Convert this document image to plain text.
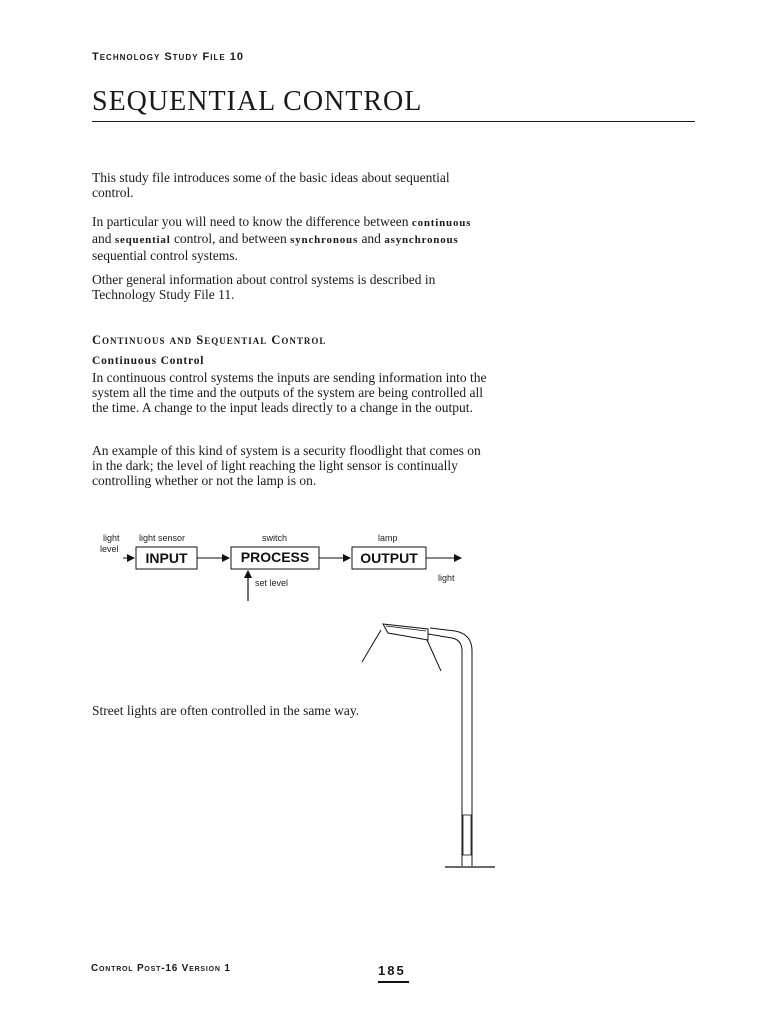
Technology Study File 10
SEQUENTIAL CONTROL

This study file introduces some of the basic ideas about sequential control.

In particular you will need to know the difference between continuous and sequential control, and between synchronous and asynchronous  sequential control systems.

Other general information about control systems is described in Technology Study File 11.

Continuous and Sequential Control
Continuous Control

In continuous control systems the inputs are sending information into the system all the time and the outputs of the system are being controlled all the time. A change to the input leads directly to a change in the output.

An example of this kind of system is a security floodlight that comes on in the dark; the level of light reaching the light sensor is continually controlling whether or not the lamp is on.

light
level
light sensor
INPUT
switch
PROCESS
lamp
OUTPUT
light
set level

Street lights are often controlled in the same way.

Control Post-16 Version 1	185
